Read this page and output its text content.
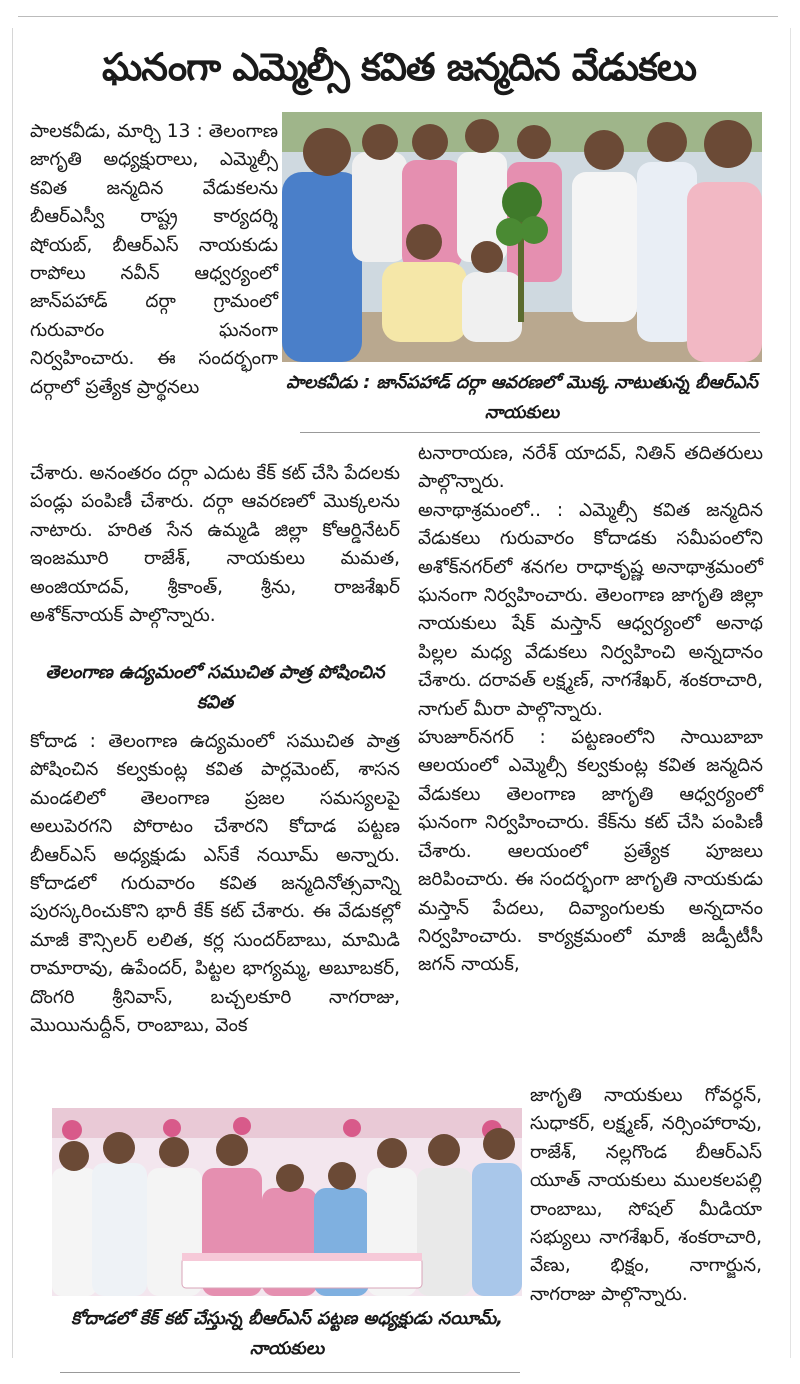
ఘనంగా ఎమ్మెల్సీ కవిత జన్మదిన వేడుకలు
పాలకవీడు : జాన్‌పహాడ్ దర్గా ఆవరణలో మొక్క నాటుతున్న బీఆర్ఎస్ నాయకులు
పాలకవీడు, మార్చి 13 : తెలంగాణ జాగృతి అధ్యక్షురాలు, ఎమ్మెల్సీ కవిత జన్మదిన వేడుకలను బీఆర్ఎస్వీ రాష్ట్ర కార్యదర్శి షోయబ్, బీఆర్ఎస్ నాయకుడు రాపోలు నవీన్ ఆధ్వర్యంలో జాన్‌పహాడ్ దర్గా గ్రామంలో గురువారం ఘనంగా నిర్వహించారు. ఈ సందర్భంగా దర్గాలో ప్రత్యేక ప్రార్థనలు
చేశారు. అనంతరం దర్గా ఎదుట కేక్ కట్ చేసి పేదలకు పండ్లు పంపిణీ చేశారు. దర్గా ఆవరణలో మొక్కలను నాటారు. హరిత సేన ఉమ్మడి జిల్లా కోఆర్డినేటర్ ఇంజమూరి రాజేశ్, నాయకులు మమత, అంజియాదవ్, శ్రీకాంత్, శ్రీను, రాజశేఖర్ అశోక్‌నాయక్ పాల్గొన్నారు.
తెలంగాణ ఉద్యమంలో సముచిత పాత్ర పోషించిన కవిత
కోదాడ : తెలంగాణ ఉద్యమంలో సముచిత పాత్ర పోషించిన కల్వకుంట్ల కవిత పార్లమెంట్, శాసన మండలిలో తెలంగాణ ప్రజల సమస్యలపై అలుపెరగని పోరాటం చేశారని కోదాడ పట్టణ బీఆర్ఎస్ అధ్యక్షుడు ఎస్‌కే నయీమ్ అన్నారు. కోదాడలో గురువారం కవిత జన్మదినోత్సవాన్ని పురస్కరించుకొని భారీ కేక్ కట్ చేశారు. ఈ వేడుకల్లో మాజీ కౌన్సిలర్ లలిత, కర్ల సుందర్‌బాబు, మామిడి రామారావు, ఉపేందర్, పిట్టల భాగ్యమ్మ, అబూబకర్, దొంగరి శ్రీనివాస్, బచ్చలకూరి నాగరాజు, మొయినుద్దీన్, రాంబాబు, వెంక

టనారాయణ, నరేశ్ యాదవ్, నితిన్ తదితరులు పాల్గొన్నారు.

అనాథాశ్రమంలో.. : ఎమ్మెల్సీ కవిత జన్మదిన వేడుకలు గురువారం కోదాడకు సమీపంలోని అశోక్‌నగర్‌లో శనగల రాధాకృష్ణ అనాథాశ్రమంలో ఘనంగా నిర్వహించారు. తెలంగాణ జాగృతి జిల్లా నాయకులు షేక్ మస్తాన్ ఆధ్వర్యంలో అనాథ పిల్లల మధ్య వేడుకలు నిర్వహించి అన్నదానం చేశారు. దరావత్ లక్ష్మణ్, నాగశేఖర్, శంకరాచారి, నాగుల్ మీరా పాల్గొన్నారు.

హుజూర్‌నగర్ : పట్టణంలోని సాయిబాబా ఆలయంలో ఎమ్మెల్సీ కల్వకుంట్ల కవిత జన్మదిన వేడుకలు తెలంగాణ జాగృతి ఆధ్వర్యంలో ఘనంగా నిర్వహించారు. కేక్‌ను కట్ చేసి పంపిణీ చేశారు. ఆలయంలో ప్రత్యేక పూజలు జరిపించారు. ఈ సందర్భంగా జాగృతి నాయకుడు మస్తాన్ పేదలు, దివ్యాంగులకు అన్నదానం నిర్వహించారు. కార్యక్రమంలో మాజీ జడ్పీటీసీ జగన్ నాయక్,

జాగృతి నాయకులు గోవర్ధన్, సుధాకర్, లక్ష్మణ్, నర్సింహారావు, రాజేశ్, నల్లగొండ బీఆర్ఎస్ యూత్ నాయకులు ములకలపల్లి రాంబాబు, సోషల్ మీడియా సభ్యులు నాగశేఖర్, శంకరాచారి, వేణు, భిక్షం, నాగార్జున, నాగరాజు పాల్గొన్నారు.
కోదాడలో కేక్ కట్ చేస్తున్న బీఆర్ఎస్ పట్టణ అధ్యక్షుడు నయీమ్, నాయకులు
